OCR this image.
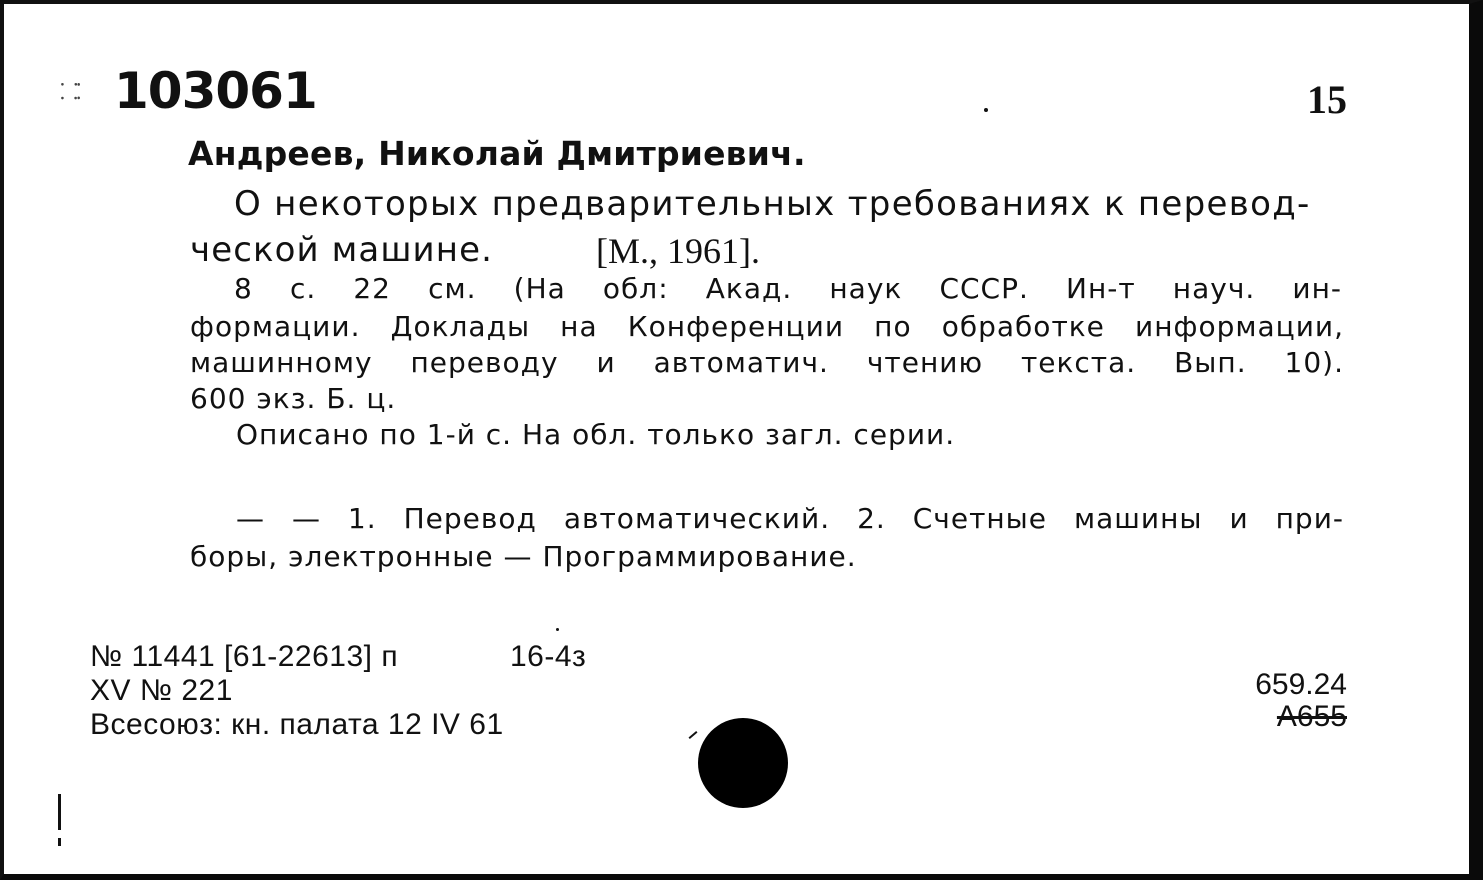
⸬⁚ 103061	15
Андреев, Николай Дмитриевич.
О некоторых предварительных требованиях к перевод-
ческой машине.	[М., 1961].
8 с. 22 см. (На обл: Акад. наук СССР. Ин-т науч. ин-
формации. Доклады на Конференции по обработке информации,
машинному переводу и автоматич. чтению текста. Вып. 10).
600 экз. Б. ц.
Описано по 1-й с. На обл. только загл. серии.
— — 1. Перевод автоматический. 2. Счетные машины и при-
боры, электронные — Программирование.
№ 11441 [61-22613] п	16-4з
XV № 221
Всесоюз: кн. палата 12 IV 61
659.24
А655
